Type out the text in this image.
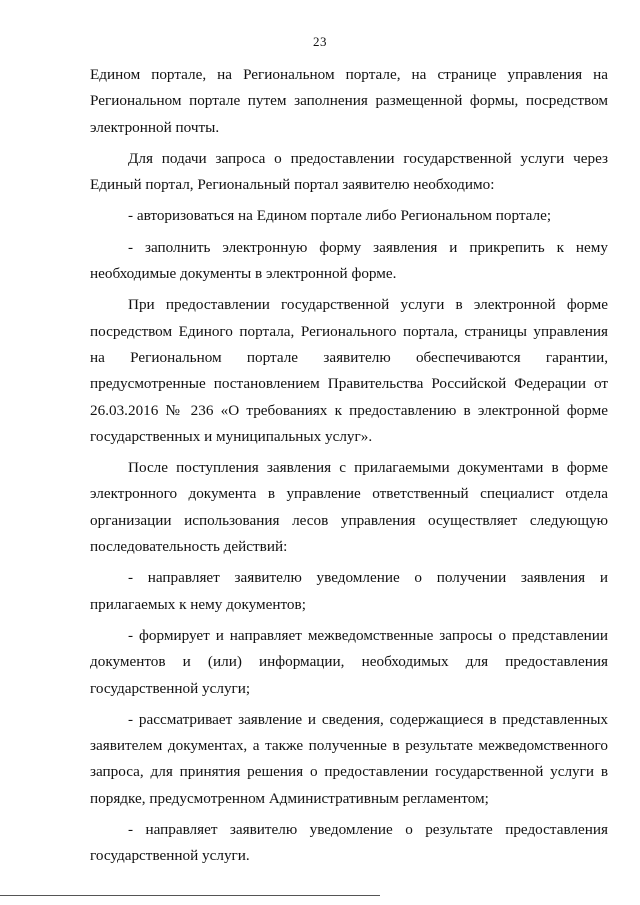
23

Едином портале, на Региональном портале, на странице управления на Региональном портале путем заполнения размещенной формы, посредством электронной почты.

Для подачи запроса о предоставлении государственной услуги через Единый портал, Региональный портал заявителю необходимо:

- авторизоваться на Едином портале либо Региональном портале;

- заполнить электронную форму заявления и прикрепить к нему необходимые документы в электронной форме.

При предоставлении государственной услуги в электронной форме посредством Единого портала, Регионального портала, страницы управления на Региональном портале заявителю обеспечиваются гарантии, предусмотренные постановлением Правительства Российской Федерации от 26.03.2016 № 236 «О требованиях к предоставлению в электронной форме государственных и муниципальных услуг».

После поступления заявления с прилагаемыми документами в форме электронного документа в управление ответственный специалист отдела организации использования лесов управления осуществляет следующую последовательность действий:

- направляет заявителю уведомление о получении заявления и прилагаемых к нему документов;

- формирует и направляет межведомственные запросы о представлении документов и (или) информации, необходимых для предоставления государственной услуги;

- рассматривает заявление и сведения, содержащиеся в представленных заявителем документах, а также полученные в результате межведомственного запроса, для принятия решения о предоставлении государственной услуги в порядке, предусмотренном Административным регламентом;

- направляет заявителю уведомление о результате предоставления государственной услуги.
